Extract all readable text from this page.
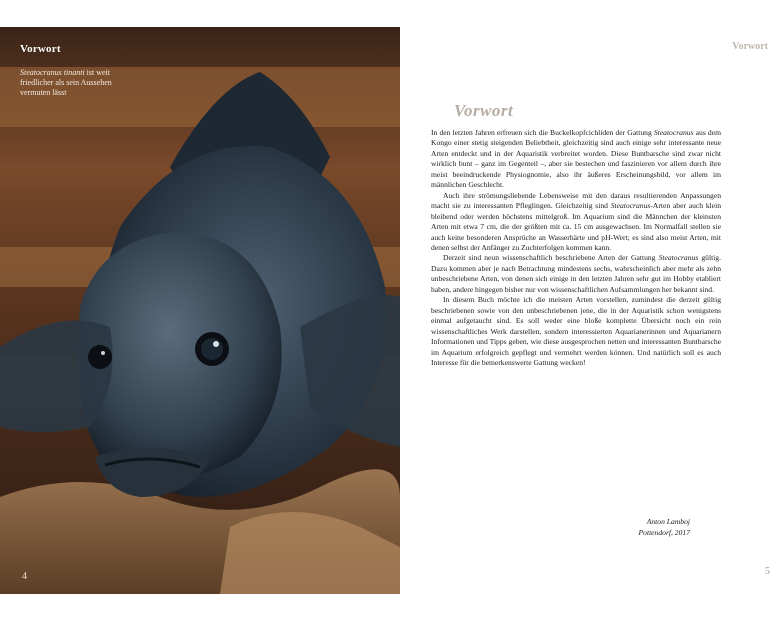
Vorwort
Steatocranus tinanti ist weit friedlicher als sein Aussehen vermuten lässt
4
Vorwort
Vorwort

In den letzten Jahren erfreuen sich die Buckelkopfcichliden der Gattung Steatocranus aus dem Kongo einer stetig steigenden Beliebtheit, gleichzeitig sind auch einige sehr interessante neue Arten entdeckt und in der Aquaristik verbreitet worden. Diese Buntbarsche sind zwar nicht wirklich bunt – ganz im Gegenteil –, aber sie bestechen und faszinieren vor allem durch ihre meist beeindruckende Physiognomie, also ihr äußeres Erscheinungsbild, vor allem im männlichen Geschlecht.

Auch ihre strömungsliebende Lebensweise mit den daraus resultierenden Anpassungen macht sie zu interessanten Pfleglingen. Gleichzeitig sind Steatocranus-Arten aber auch klein bleibend oder werden höchstens mittelgroß. Im Aquarium sind die Männchen der kleinsten Arten mit etwa 7 cm, die der größten mit ca. 15 cm ausgewachsen. Im Normalfall stellen sie auch keine besonderen Ansprüche an Wasserhärte und pH-Wert; es sind also meist Arten, mit denen selbst der Anfänger zu Zuchterfolgen kommen kann.

Derzeit sind neun wissenschaftlich beschriebene Arten der Gattung Steatocranus gültig. Dazu kommen aber je nach Betrachtung mindestens sechs, wahrscheinlich aber mehr als zehn unbeschriebene Arten, von denen sich einige in den letzten Jahren sehr gut im Hobby etabliert haben, andere hingegen bisher nur von wissenschaftlichen Aufsammlungen her bekannt sind.

In diesem Buch möchte ich die meisten Arten vorstellen, zumindest die derzeit gültig beschriebenen sowie von den unbeschriebenen jene, die in der Aquaristik schon wenigstens einmal aufgetaucht sind. Es soll weder eine bloße komplette Übersicht noch ein rein wissenschaftliches Werk darstellen, sondern interessierten Aquarianerinnen und Aquarianern Informationen und Tipps geben, wie diese ausgesprochen netten und interessanten Buntbarsche im Aquarium erfolgreich gepflegt und vermehrt werden können. Und natürlich soll es auch Interesse für die bemerkenswerte Gattung wecken!

Anton Lamboj
Pottendorf, 2017
5
